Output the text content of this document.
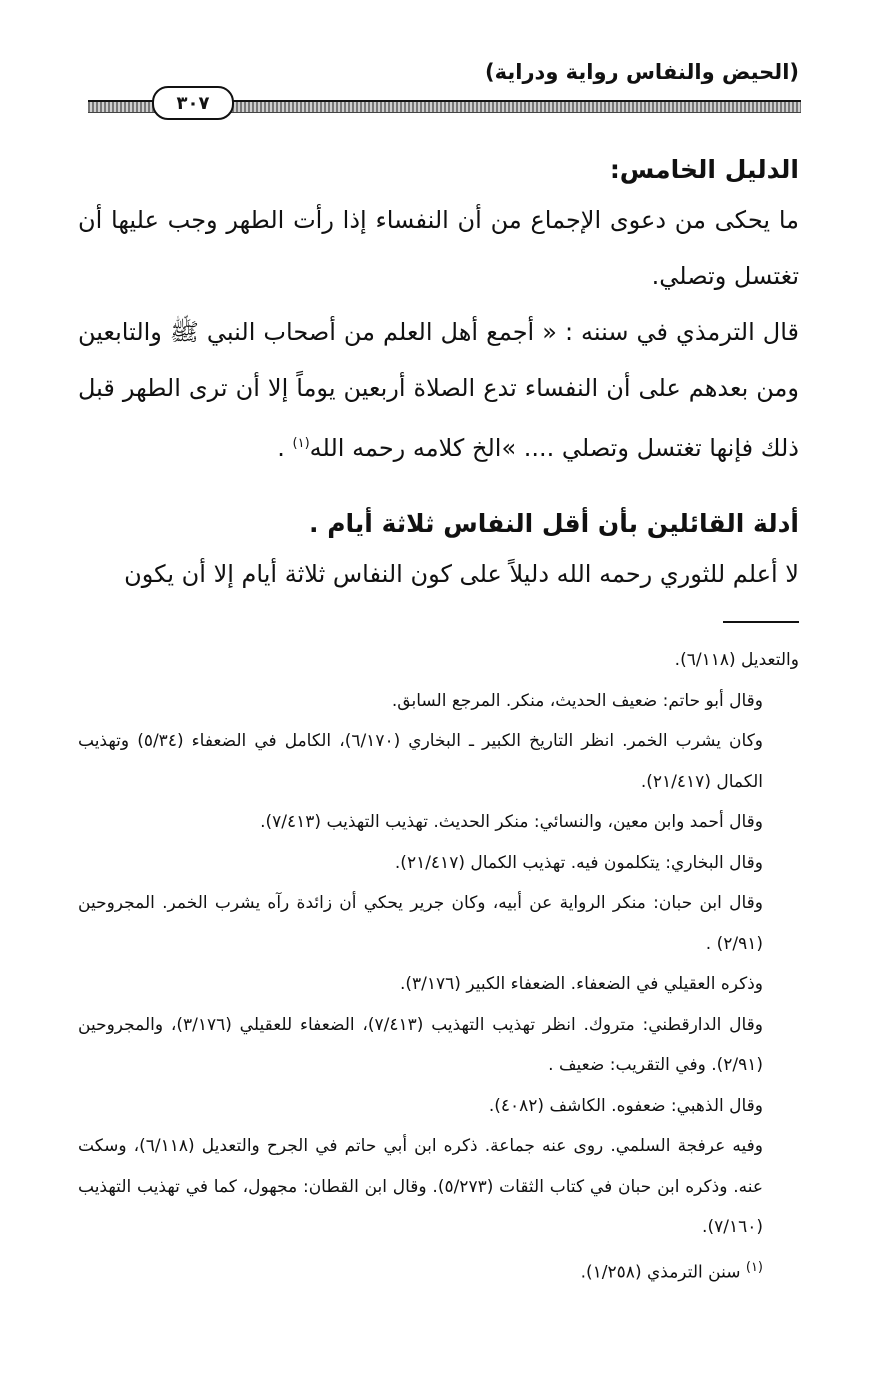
(الحيض والنفاس رواية ودراية)
٣٠٧
الدليل الخامس:
ما يحكى من دعوى الإجماع من أن النفساء إذا رأت الطهر وجب عليها أن تغتسل وتصلي.
قال الترمذي في سننه : « أجمع أهل العلم من أصحاب النبي ﷺ والتابعين ومن بعدهم على أن النفساء تدع الصلاة أربعين يوماً إلا أن ترى الطهر قبل ذلك فإنها تغتسل وتصلي .... »الخ كلامه رحمه الله$^{(١)}$ .
أدلة القائلين بأن أقل النفاس ثلاثة أيام .
لا أعلم للثوري رحمه الله دليلاً على كون النفاس ثلاثة أيام إلا أن يكون

والتعديل (٦/١١٨).

وقال أبو حاتم: ضعيف الحديث، منكر. المرجع السابق.

وكان يشرب الخمر. انظر التاريخ الكبير ـ البخاري (٦/١٧٠)، الكامل في الضعفاء (٥/٣٤) وتهذيب الكمال (٢١/٤١٧).

وقال أحمد وابن معين، والنسائي: منكر الحديث. تهذيب التهذيب (٧/٤١٣).

وقال البخاري: يتكلمون فيه. تهذيب الكمال (٢١/٤١٧).

وقال ابن حبان: منكر الرواية عن أبيه، وكان جرير يحكي أن زائدة رآه يشرب الخمر. المجروحين (٢/٩١) .

وذكره العقيلي في الضعفاء. الضعفاء الكبير (٣/١٧٦).

وقال الدارقطني: متروك. انظر تهذيب التهذيب (٧/٤١٣)، الضعفاء للعقيلي (٣/١٧٦)، والمجروحين (٢/٩١). وفي التقريب: ضعيف .

وقال الذهبي: ضعفوه. الكاشف (٤٠٨٢).

وفيه عرفجة السلمي. روى عنه جماعة. ذكره ابن أبي حاتم في الجرح والتعديل (٦/١١٨)، وسكت عنه. وذكره ابن حبان في كتاب الثقات (٥/٢٧٣). وقال ابن القطان: مجهول، كما في تهذيب التهذيب (٧/١٦٠).

$^{(١)}$ سنن الترمذي (١/٢٥٨).
